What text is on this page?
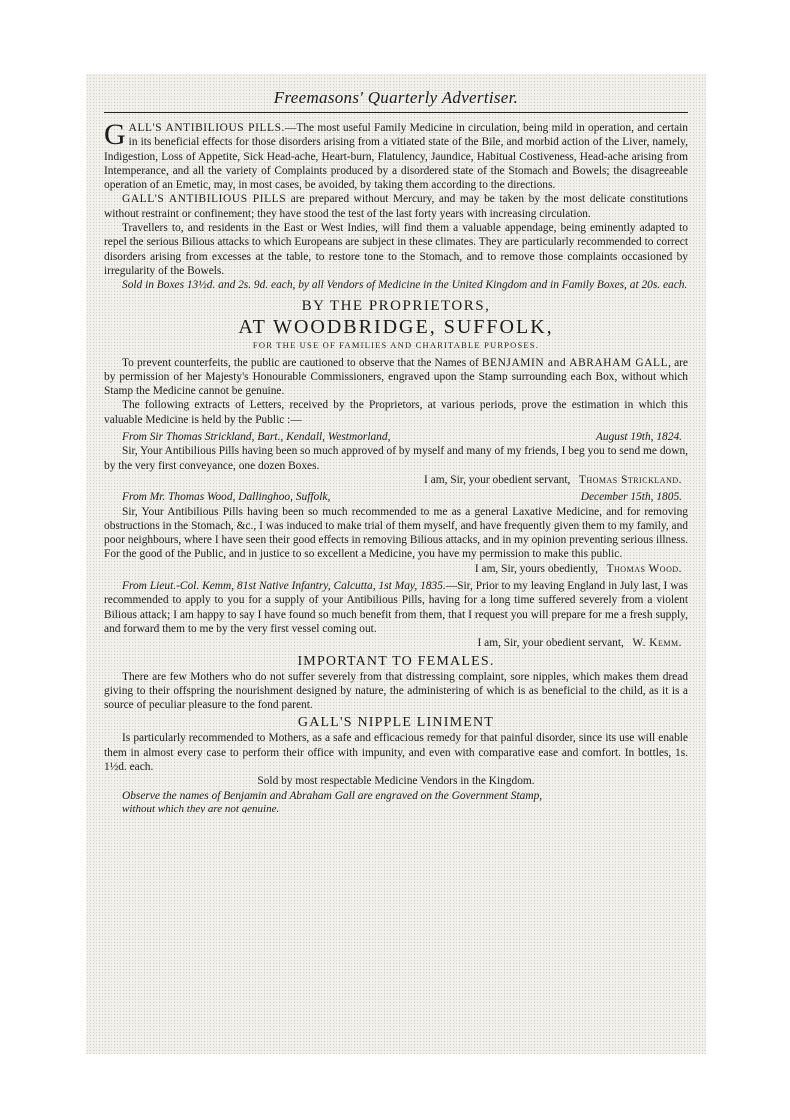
Freemasons' Quarterly Advertiser.

GALL'S ANTIBILIOUS PILLS.—The most useful Family Medicine in circulation, being mild in operation, and certain in its beneficial effects for those disorders arising from a vitiated state of the Bile, and morbid action of the Liver, namely, Indigestion, Loss of Appetite, Sick Head-ache, Heart-burn, Flatulency, Jaundice, Habitual Costiveness, Head-ache arising from Intemperance, and all the variety of Complaints produced by a disordered state of the Stomach and Bowels; the disagreeable operation of an Emetic, may, in most cases, be avoided, by taking them according to the directions.

GALL'S ANTIBILIOUS PILLS are prepared without Mercury, and may be taken by the most delicate constitutions without restraint or confinement; they have stood the test of the last forty years with increasing circulation.

Travellers to, and residents in the East or West Indies, will find them a valuable appendage, being eminently adapted to repel the serious Bilious attacks to which Europeans are subject in these climates. They are particularly recommended to correct disorders arising from excesses at the table, to restore tone to the Stomach, and to remove those complaints occasioned by irregularity of the Bowels.

Sold in Boxes 13½d. and 2s. 9d. each, by all Vendors of Medicine in the United Kingdom and in Family Boxes, at 20s. each.

BY THE PROPRIETORS,

AT WOODBRIDGE, SUFFOLK,

FOR THE USE OF FAMILIES AND CHARITABLE PURPOSES.

To prevent counterfeits, the public are cautioned to observe that the Names of BENJAMIN and ABRAHAM GALL, are by permission of her Majesty's Honourable Commissioners, engraved upon the Stamp surrounding each Box, without which Stamp the Medicine cannot be genuine.

The following extracts of Letters, received by the Proprietors, at various periods, prove the estimation in which this valuable Medicine is held by the Public :—

From Sir Thomas Strickland, Bart., Kendall, Westmorland,	August 19th, 1824.

Sir, Your Antibilious Pills having been so much approved of by myself and many of my friends, I beg you to send me down, by the very first conveyance, one dozen Boxes.

I am, Sir, your obedient servant, Thomas Strickland.

From Mr. Thomas Wood, Dallinghoo, Suffolk,	December 15th, 1805.

Sir, Your Antibilious Pills having been so much recommended to me as a general Laxative Medicine, and for removing obstructions in the Stomach, &c., I was induced to make trial of them myself, and have frequently given them to my family, and poor neighbours, where I have seen their good effects in removing Bilious attacks, and in my opinion preventing serious illness. For the good of the Public, and in justice to so excellent a Medicine, you have my permission to make this public.

I am, Sir, yours obediently, Thomas Wood.

From Lieut.-Col. Kemm, 81st Native Infantry, Calcutta, 1st May, 1835.—Sir, Prior to my leaving England in July last, I was recommended to apply to you for a supply of your Antibilious Pills, having for a long time suffered severely from a violent Bilious attack; I am happy to say I have found so much benefit from them, that I request you will prepare for me a fresh supply, and forward them to me by the very first vessel coming out.

I am, Sir, your obedient servant, W. Kemm.

IMPORTANT TO FEMALES.

There are few Mothers who do not suffer severely from that distressing complaint, sore nipples, which makes them dread giving to their offspring the nourishment designed by nature, the administering of which is as beneficial to the child, as it is a source of peculiar pleasure to the fond parent.

GALL'S NIPPLE LINIMENT

Is particularly recommended to Mothers, as a safe and efficacious remedy for that painful disorder, since its use will enable them in almost every case to perform their office with impunity, and even with comparative ease and comfort. In bottles, 1s. 1½d. each.

Sold by most respectable Medicine Vendors in the Kingdom.

Observe the names of Benjamin and Abraham Gall are engraved on the Government Stamp,

without which they are not genuine.
